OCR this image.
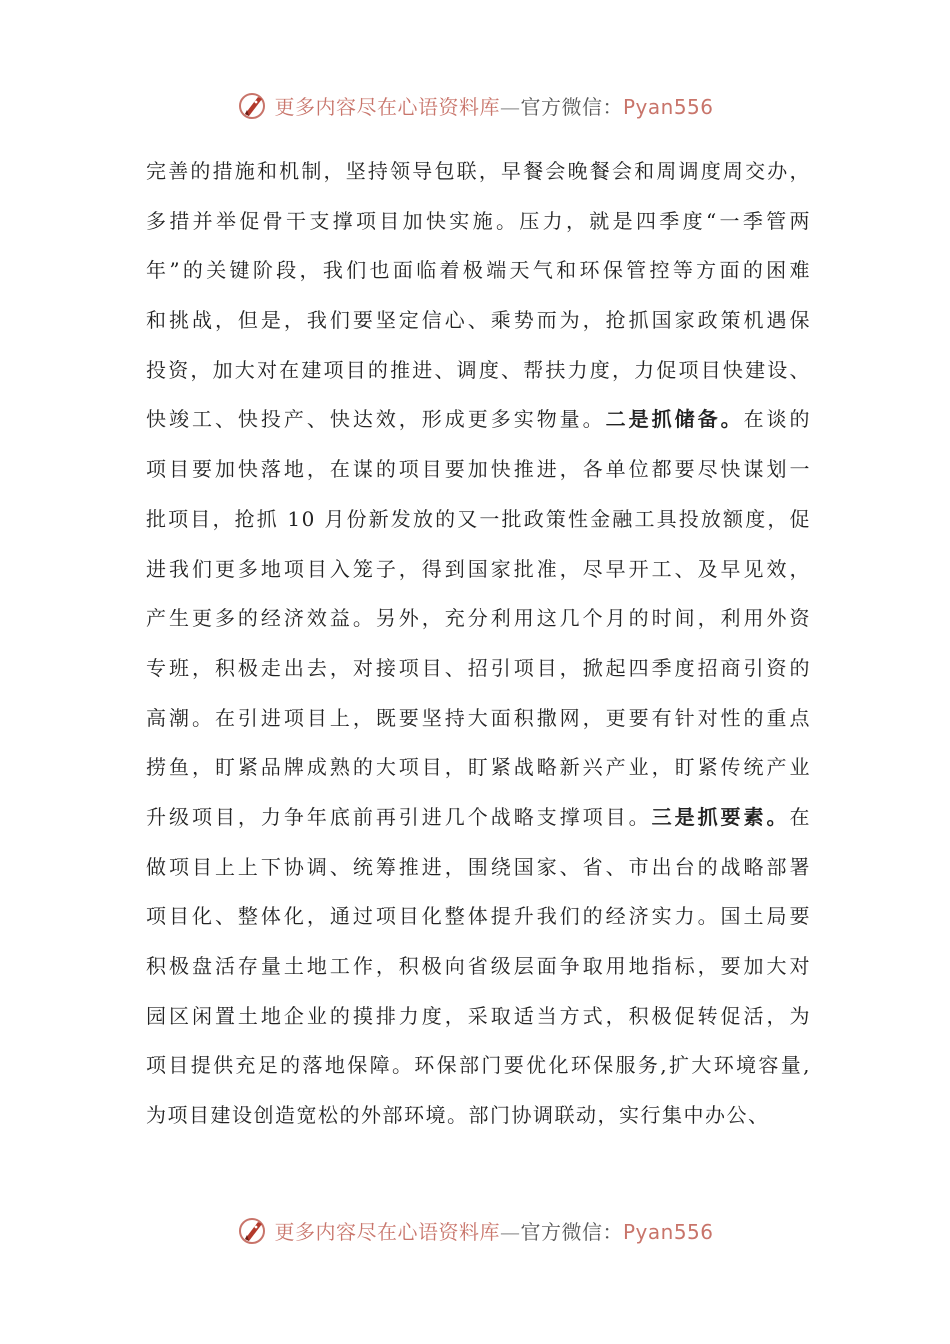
更多内容尽在心语资料库—官方微信：Pyan556
完善的措施和机制，坚持领导包联，早餐会晚餐会和周调度周交办，
多措并举促骨干支撑项目加快实施。压力，就是四季度“一季管两
年”的关键阶段，我们也面临着极端天气和环保管控等方面的困难
和挑战，但是，我们要坚定信心、乘势而为，抢抓国家政策机遇保
投资，加大对在建项目的推进、调度、帮扶力度，力促项目快建设、
快竣工、快投产、快达效，形成更多实物量。二是抓储备。在谈的
项目要加快落地，在谋的项目要加快推进，各单位都要尽快谋划一
批项目，抢抓 10 月份新发放的又一批政策性金融工具投放额度，促
进我们更多地项目入笼子，得到国家批准，尽早开工、及早见效，
产生更多的经济效益。另外，充分利用这几个月的时间，利用外资
专班，积极走出去，对接项目、招引项目，掀起四季度招商引资的
高潮。在引进项目上，既要坚持大面积撒网，更要有针对性的重点
捞鱼，盯紧品牌成熟的大项目，盯紧战略新兴产业，盯紧传统产业
升级项目，力争年底前再引进几个战略支撑项目。三是抓要素。在
做项目上上下协调、统筹推进，围绕国家、省、市出台的战略部署
项目化、整体化，通过项目化整体提升我们的经济实力。国土局要
积极盘活存量土地工作，积极向省级层面争取用地指标，要加大对
园区闲置土地企业的摸排力度，采取适当方式，积极促转促活，为
项目提供充足的落地保障。环保部门要优化环保服务,扩大环境容量,
为项目建设创造宽松的外部环境。部门协调联动，实行集中办公、
更多内容尽在心语资料库—官方微信：Pyan556
